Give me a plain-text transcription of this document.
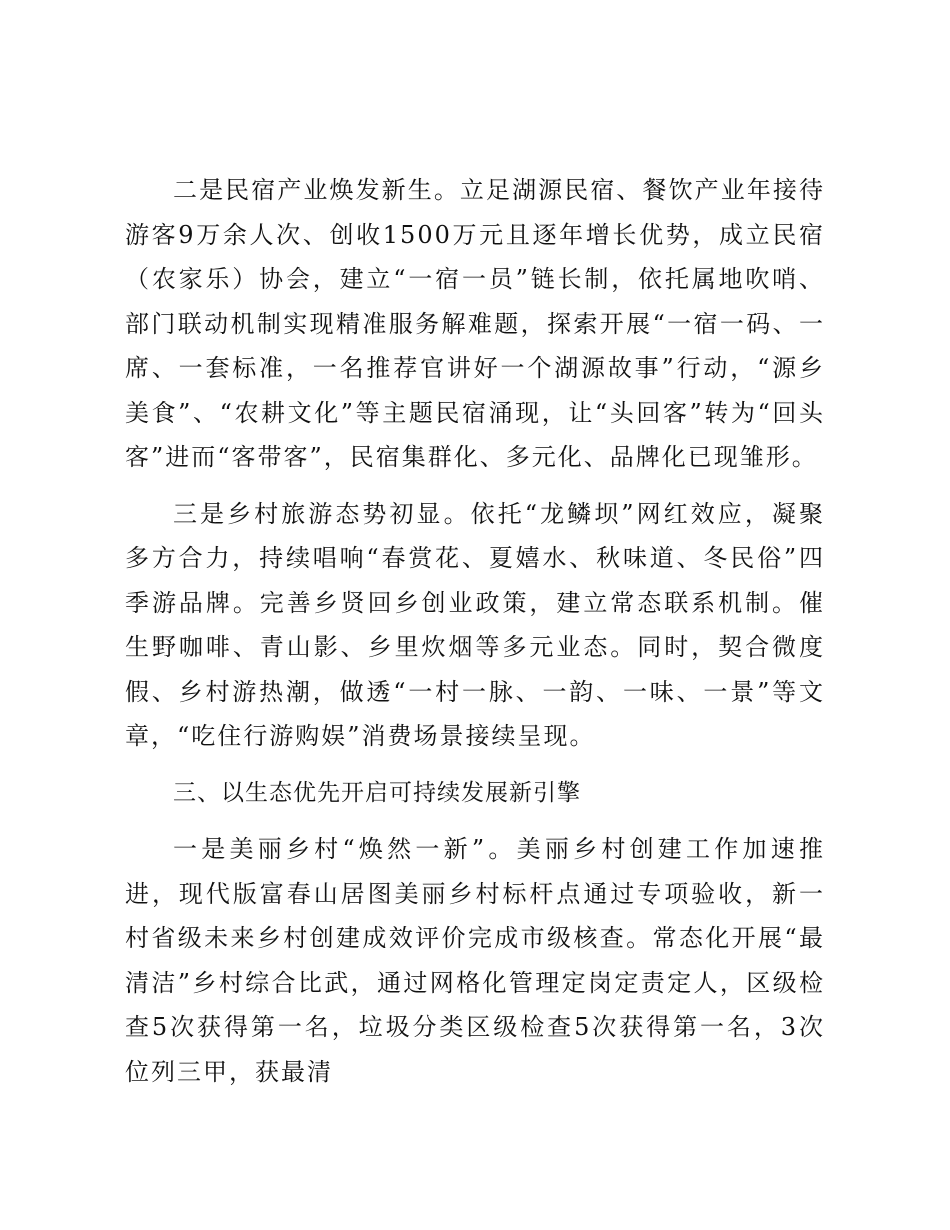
二是民宿产业焕发新生。立足湖源民宿、餐饮产业年接待游客9万余人次、创收1500万元且逐年增长优势，成立民宿（农家乐）协会，建立“一宿一员”链长制，依托属地吹哨、部门联动机制实现精准服务解难题，探索开展“一宿一码、一席、一套标准，一名推荐官讲好一个湖源故事”行动，“源乡美食”、“农耕文化”等主题民宿涌现，让“头回客”转为“回头客”进而“客带客”，民宿集群化、多元化、品牌化已现雏形。

三是乡村旅游态势初显。依托“龙鳞坝”网红效应，凝聚多方合力，持续唱响“春赏花、夏嬉水、秋味道、冬民俗”四季游品牌。完善乡贤回乡创业政策，建立常态联系机制。催生野咖啡、青山影、乡里炊烟等多元业态。同时，契合微度假、乡村游热潮，做透“一村一脉、一韵、一味、一景”等文章，“吃住行游购娱”消费场景接续呈现。

三、以生态优先开启可持续发展新引擎

一是美丽乡村“焕然一新”。美丽乡村创建工作加速推进，现代版富春山居图美丽乡村标杆点通过专项验收，新一村省级未来乡村创建成效评价完成市级核查。常态化开展“最清洁”乡村综合比武，通过网格化管理定岗定责定人，区级检查5次获得第一名，垃圾分类区级检查5次获得第一名，3次位列三甲，获最清
